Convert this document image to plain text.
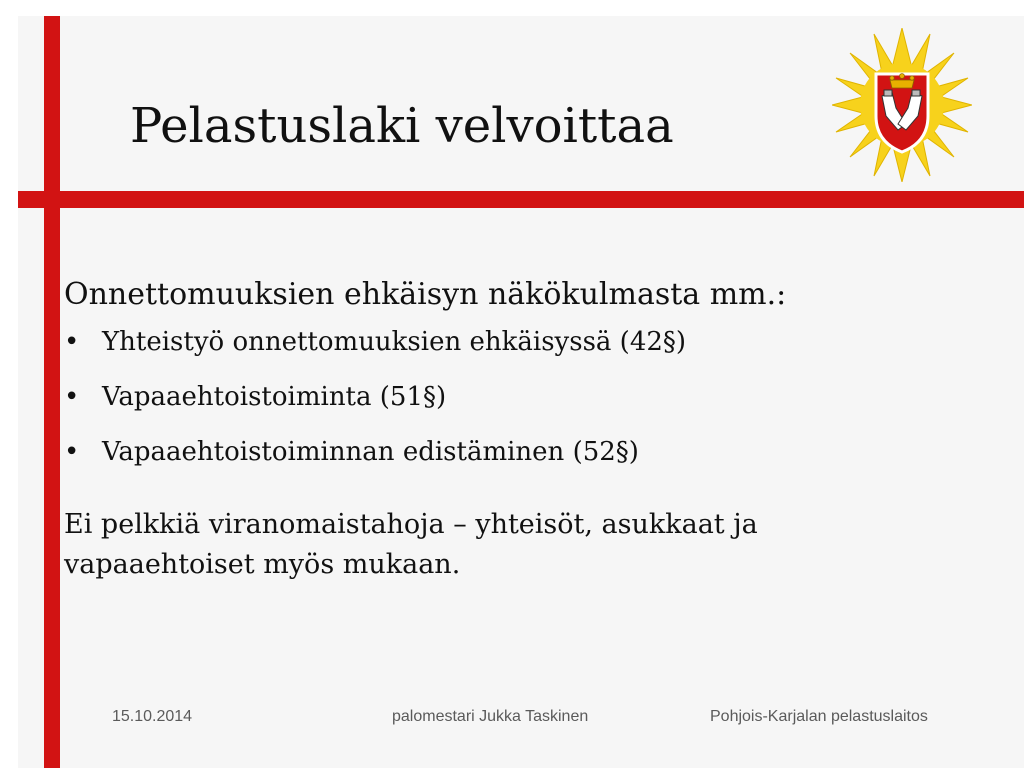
Pelastuslaki velvoittaa

Onnettomuuksien ehkäisyn näkökulmasta mm.:

• Yhteistyö onnettomuuksien ehkäisyssä (42§)
• Vapaaehtoistoiminta (51§)
• Vapaaehtoistoiminnan edistäminen (52§)
Ei pelkkiä viranomaistahoja – yhteisöt, asukkaat ja
vapaaehtoiset myös mukaan.
15.10.2014	palomestari Jukka Taskinen	Pohjois-Karjalan pelastuslaitos
